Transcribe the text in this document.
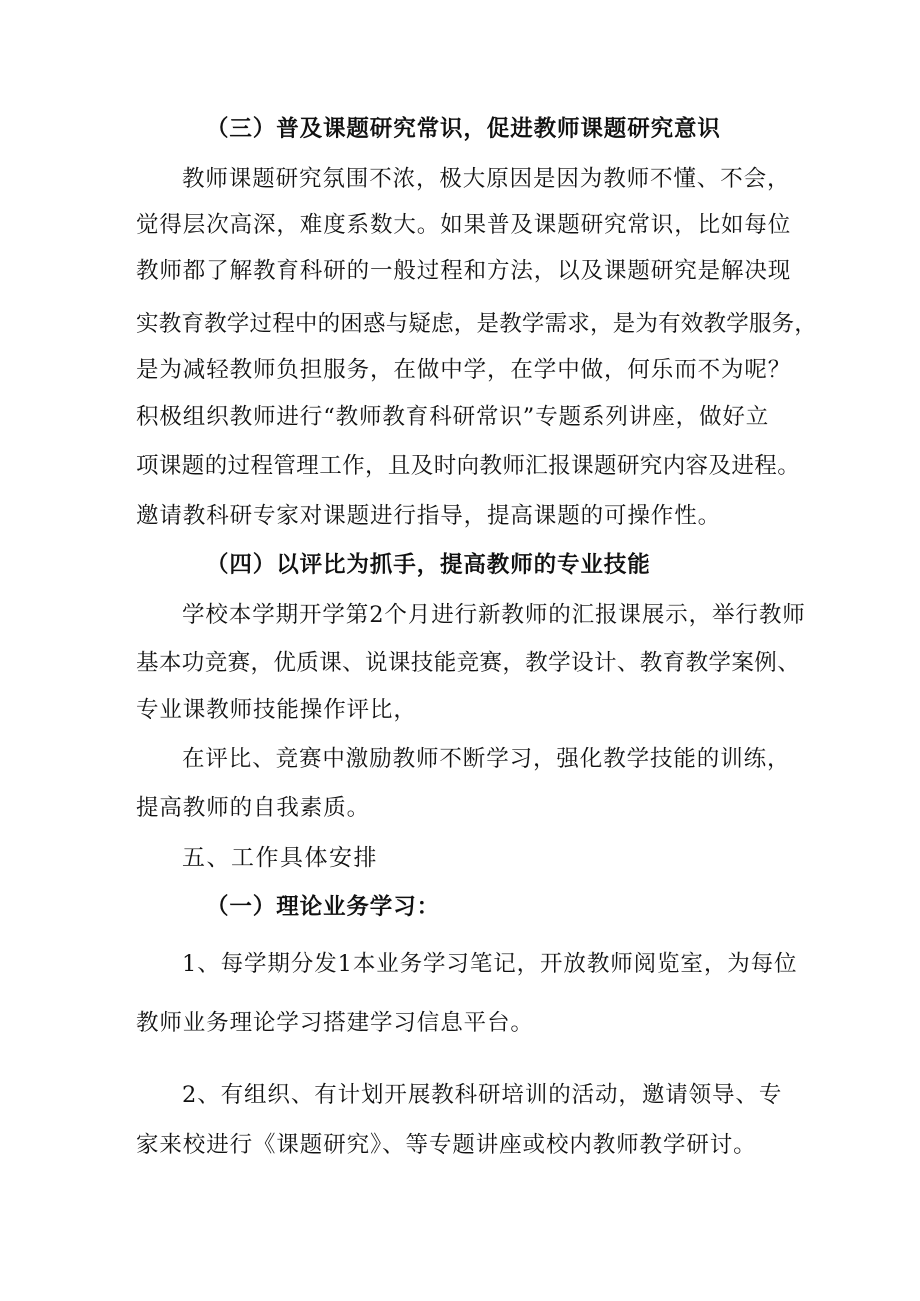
（三）普及课题研究常识，促进教师课题研究意识
教师课题研究氛围不浓，极大原因是因为教师不懂、不会，
觉得层次高深，难度系数大。如果普及课题研究常识，比如每位
教师都了解教育科研的一般过程和方法，以及课题研究是解决现
实教育教学过程中的困惑与疑虑，是教学需求，是为有效教学服务，
是为减轻教师负担服务，在做中学，在学中做，何乐而不为呢？
积极组织教师进行“教师教育科研常识”专题系列讲座，做好立
项课题的过程管理工作，且及时向教师汇报课题研究内容及进程。
邀请教科研专家对课题进行指导，提高课题的可操作性。
（四）以评比为抓手，提高教师的专业技能
学校本学期开学第2个月进行新教师的汇报课展示，举行教师
基本功竞赛，优质课、说课技能竞赛，教学设计、教育教学案例、
专业课教师技能操作评比，
在评比、竞赛中激励教师不断学习，强化教学技能的训练，
提高教师的自我素质。
五、工作具体安排
（一）理论业务学习：
1、每学期分发1本业务学习笔记，开放教师阅览室，为每位
教师业务理论学习搭建学习信息平台。
2、有组织、有计划开展教科研培训的活动，邀请领导、专
家来校进行《课题研究》、等专题讲座或校内教师教学研讨。
